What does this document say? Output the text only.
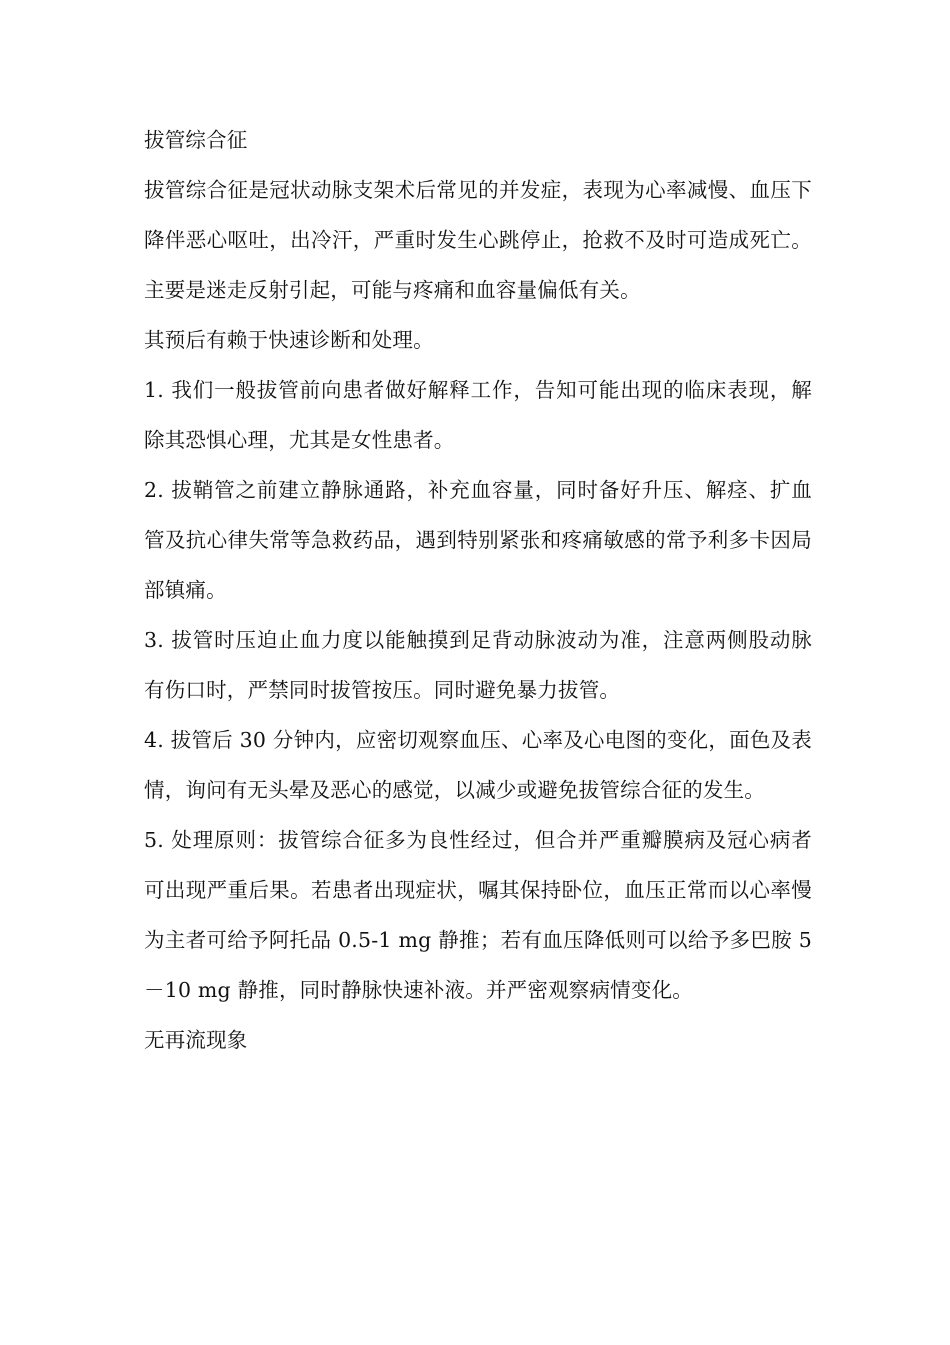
拔管综合征

拔管综合征是冠状动脉支架术后常见的并发症，表现为心率减慢、血压下降伴恶心呕吐，出冷汗，严重时发生心跳停止，抢救不及时可造成死亡。主要是迷走反射引起，可能与疼痛和血容量偏低有关。

其预后有赖于快速诊断和处理。

1. 我们一般拔管前向患者做好解释工作，告知可能出现的临床表现，解除其恐惧心理，尤其是女性患者。

2. 拔鞘管之前建立静脉通路，补充血容量，同时备好升压、解痉、扩血管及抗心律失常等急救药品，遇到特别紧张和疼痛敏感的常予利多卡因局部镇痛。

3. 拔管时压迫止血力度以能触摸到足背动脉波动为准，注意两侧股动脉有伤口时，严禁同时拔管按压。同时避免暴力拔管。

4. 拔管后 30 分钟内，应密切观察血压、心率及心电图的变化，面色及表情，询问有无头晕及恶心的感觉，以减少或避免拔管综合征的发生。

5. 处理原则：拔管综合征多为良性经过，但合并严重瓣膜病及冠心病者可出现严重后果。若患者出现症状，嘱其保持卧位，血压正常而以心率慢为主者可给予阿托品 0.5-1 mg 静推；若有血压降低则可以给予多巴胺 5－10 mg 静推，同时静脉快速补液。并严密观察病情变化。

无再流现象
